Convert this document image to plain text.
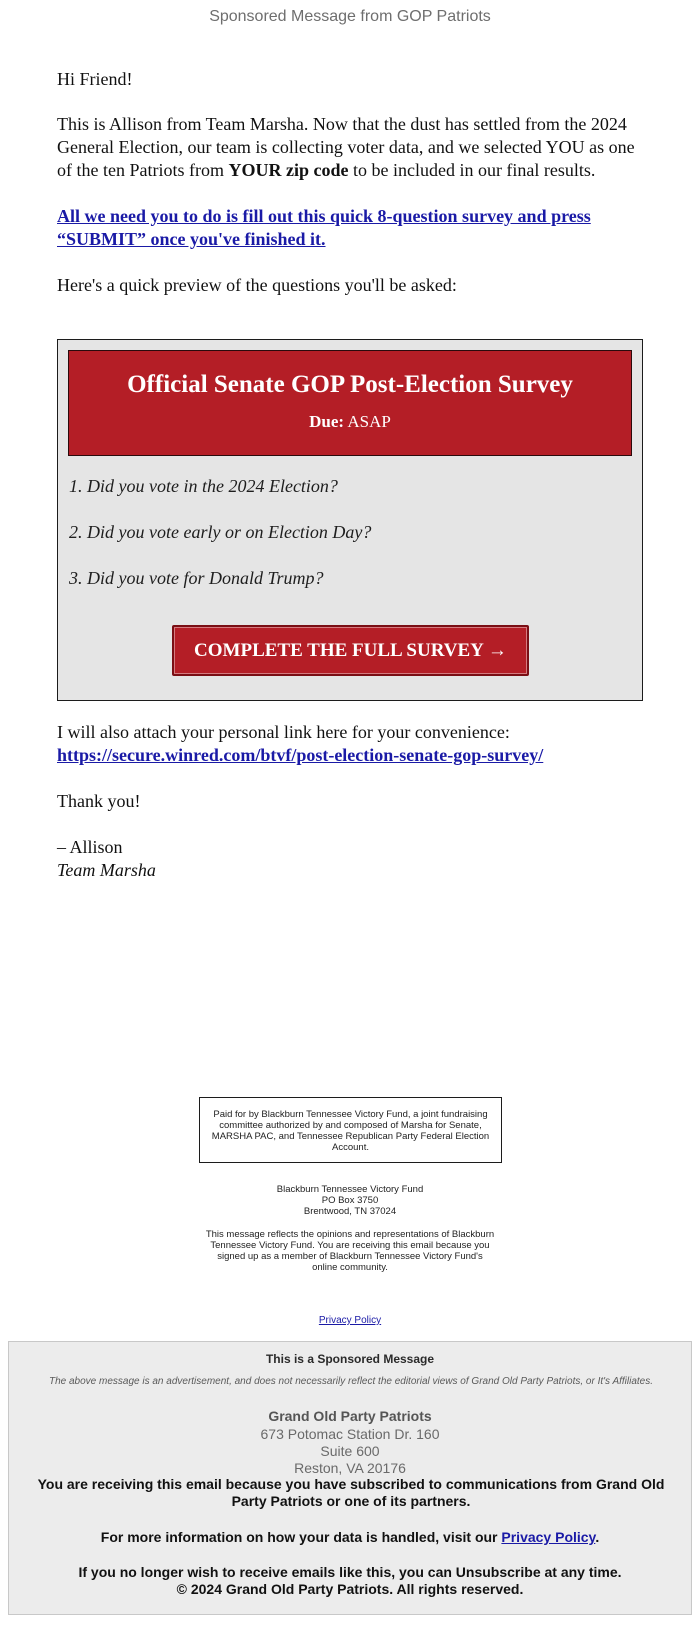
Sponsored Message from GOP Patriots

Hi Friend!

This is Allison from Team Marsha. Now that the dust has settled from the 2024 General Election, our team is collecting voter data, and we selected YOU as one of the ten Patriots from YOUR zip code to be included in our final results.

All we need you to do is fill out this quick 8-question survey and press “SUBMIT” once you've finished it.

Here's a quick preview of the questions you'll be asked:

Official Senate GOP Post-Election Survey
Due: ASAP
1. Did you vote in the 2024 Election?
2. Did you vote early or on Election Day?
3. Did you vote for Donald Trump?
COMPLETE THE FULL SURVEY →

I will also attach your personal link here for your convenience:
https://secure.winred.com/btvf/post-election-senate-gop-survey/

Thank you!

– Allison
Team Marsha

Paid for by Blackburn Tennessee Victory Fund, a joint fundraising committee authorized by and composed of Marsha for Senate, MARSHA PAC, and Tennessee Republican Party Federal Election Account.
Blackburn Tennessee Victory Fund
PO Box 3750
Brentwood, TN 37024
This message reflects the opinions and representations of Blackburn Tennessee Victory Fund. You are receiving this email because you signed up as a member of Blackburn Tennessee Victory Fund's online community.
Privacy Policy
This is a Sponsored Message
The above message is an advertisement, and does not necessarily reflect the editorial views of Grand Old Party Patriots, or It's Affiliates.
Grand Old Party Patriots
673 Potomac Station Dr. 160
Suite 600
Reston, VA 20176
You are receiving this email because you have subscribed to communications from Grand Old Party Patriots or one of its partners.
For more information on how your data is handled, visit our Privacy Policy.
If you no longer wish to receive emails like this, you can Unsubscribe at any time.
© 2024 Grand Old Party Patriots. All rights reserved.
